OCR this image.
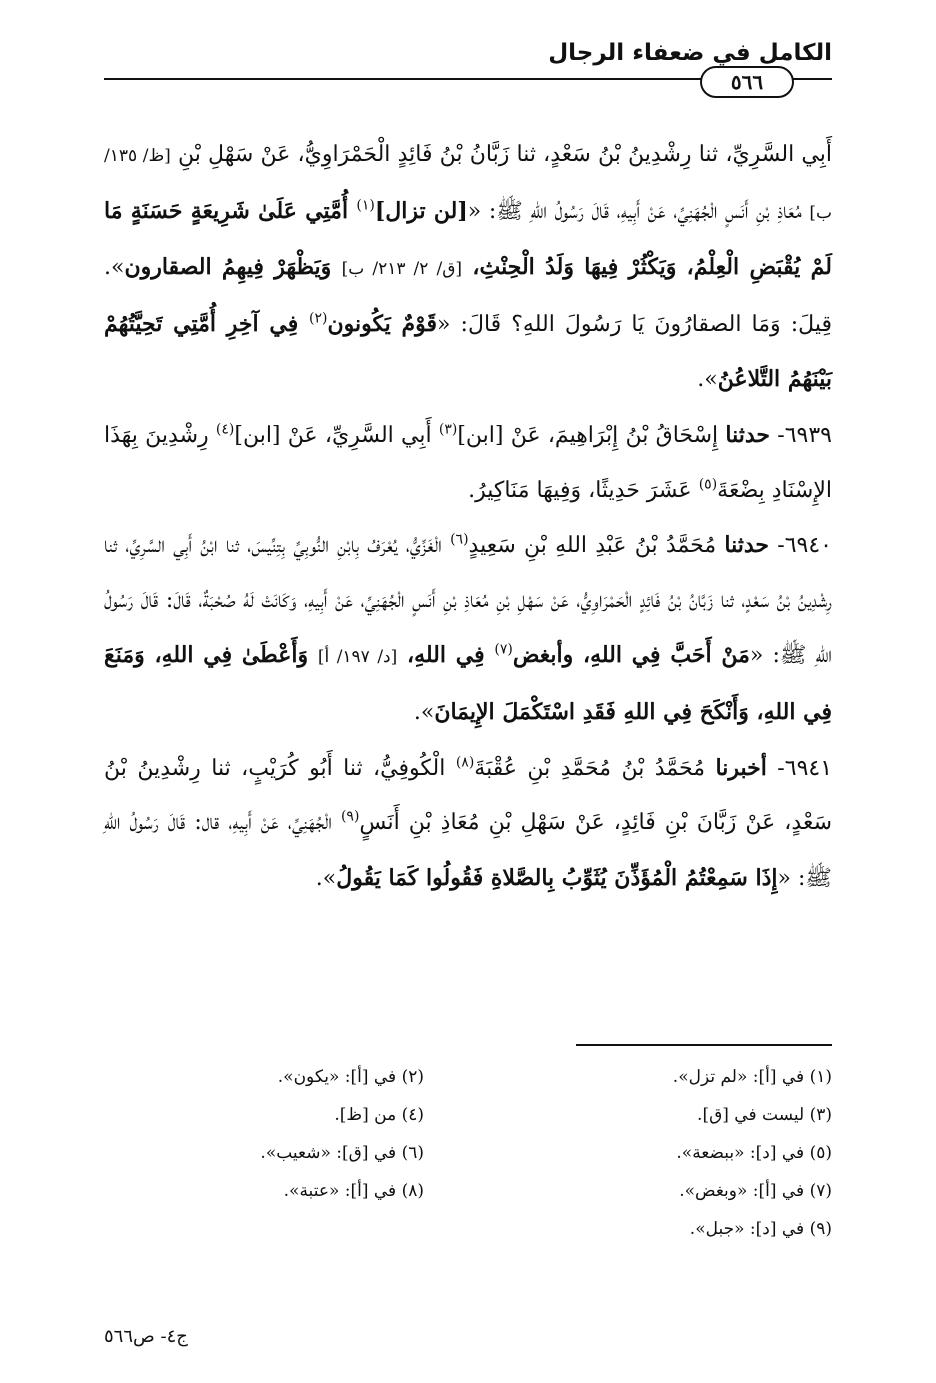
الكامل في ضعفاء الرجال
٥٦٦

أَبِي السَّرِيِّ، ثنا رِشْدِينُ بْنُ سَعْدٍ، ثنا زَبَّانُ بْنُ فَائِدٍ الْحَمْرَاوِيُّ، عَنْ سَهْلِ بْنِ [ظ/ ١٣٥/ ب] مُعَاذِ بْنِ أَنَسٍ الْجُهَنِيِّ، عَنْ أَبِيهِ، قَالَ رَسُولُ اللهِ ﷺ: «[لن تزال]$^{(١)}$ أُمَّتِي عَلَىٰ شَرِيعَةٍ حَسَنَةٍ مَا لَمْ يُقْبَضِ الْعِلْمُ، وَيَكْثُرْ فِيهَا وَلَدُ الْحِنْثِ، [ق/ ٢/ ٢١٣/ ب] وَيَظْهَرْ فِيهِمُ الصقارون». قِيلَ: وَمَا الصقارُونَ يَا رَسُولَ اللهِ؟ قَالَ: «قَوْمٌ يَكُونون$^{(٢)}$ فِي آخِرِ أُمَّتِي تَحِيَّتُهُمْ بَيْنَهُمُ التَّلاعُنُ».

٦٩٣٩- حدثنا إِسْحَاقُ بْنُ إِبْرَاهِيمَ، عَنْ [ابن]$^{(٣)}$ أَبِي السَّرِيِّ، عَنْ [ابن]$^{(٤)}$ رِشْدِينَ بِهَذَا الإِسْنَادِ بِضْعَةَ$^{(٥)}$ عَشَرَ حَدِيثًا، وَفِيهَا مَنَاكِيرُ.

٦٩٤٠- حدثنا مُحَمَّدُ بْنُ عَبْدِ اللهِ بْنِ سَعِيدٍ$^{(٦)}$ الْغَزِّيُّ، يُعْرَفُ بِابْنِ النُّوبِيِّ بِتِنِّيسَ، ثنا ابْنُ أَبِي السَّرِيِّ، ثنا رِشْدِينُ بْنُ سَعْدٍ، ثنا زَبَّانُ بْنُ فَائِدٍ الْحَمْرَاوِيُّ، عَنْ سَهْلِ بْنِ مُعَاذِ بْنِ أَنَسٍ الْجُهَنِيِّ، عَنْ أَبِيهِ، وَكَانَتْ لَهُ صُحْبَةٌ، قَالَ: قَالَ رَسُولُ اللهِ ﷺ: «مَنْ أَحَبَّ فِي اللهِ، وأبغض$^{(٧)}$ فِي اللهِ، [د/ ١٩٧/ أ] وَأَعْطَىٰ فِي اللهِ، وَمَنَعَ فِي اللهِ، وَأَنْكَحَ فِي اللهِ فَقَدِ اسْتَكْمَلَ الإِيمَانَ».

٦٩٤١- أخبرنا مُحَمَّدُ بْنُ مُحَمَّدِ بْنِ عُقْبَةَ$^{(٨)}$ الْكُوفِيُّ، ثنا أَبُو كُرَيْبٍ، ثنا رِشْدِينُ بْنُ سَعْدٍ، عَنْ زَبَّانَ بْنِ فَائِدٍ، عَنْ سَهْلِ بْنِ مُعَاذِ بْنِ أَنَسٍ$^{(٩)}$ الْجُهَنِيِّ، عَنْ أَبِيهِ، قال: قَالَ رَسُولُ اللهِ ﷺ: «إِذَا سَمِعْتُمُ الْمُؤَذِّنَ يُثَوِّبُ بِالصَّلاةِ فَقُولُوا كَمَا يَقُولُ».

(١) في [أ]: «لم تزل».
(٢) في [أ]: «يكون».
(٣) ليست في [ق].
(٤) من [ظ].
(٥) في [د]: «ببضعة».
(٦) في [ق]: «شعيب».
(٧) في [أ]: «وبغض».
(٨) في [أ]: «عتبة».
(٩) في [د]: «جبل».
ج٤- ص٥٦٦
